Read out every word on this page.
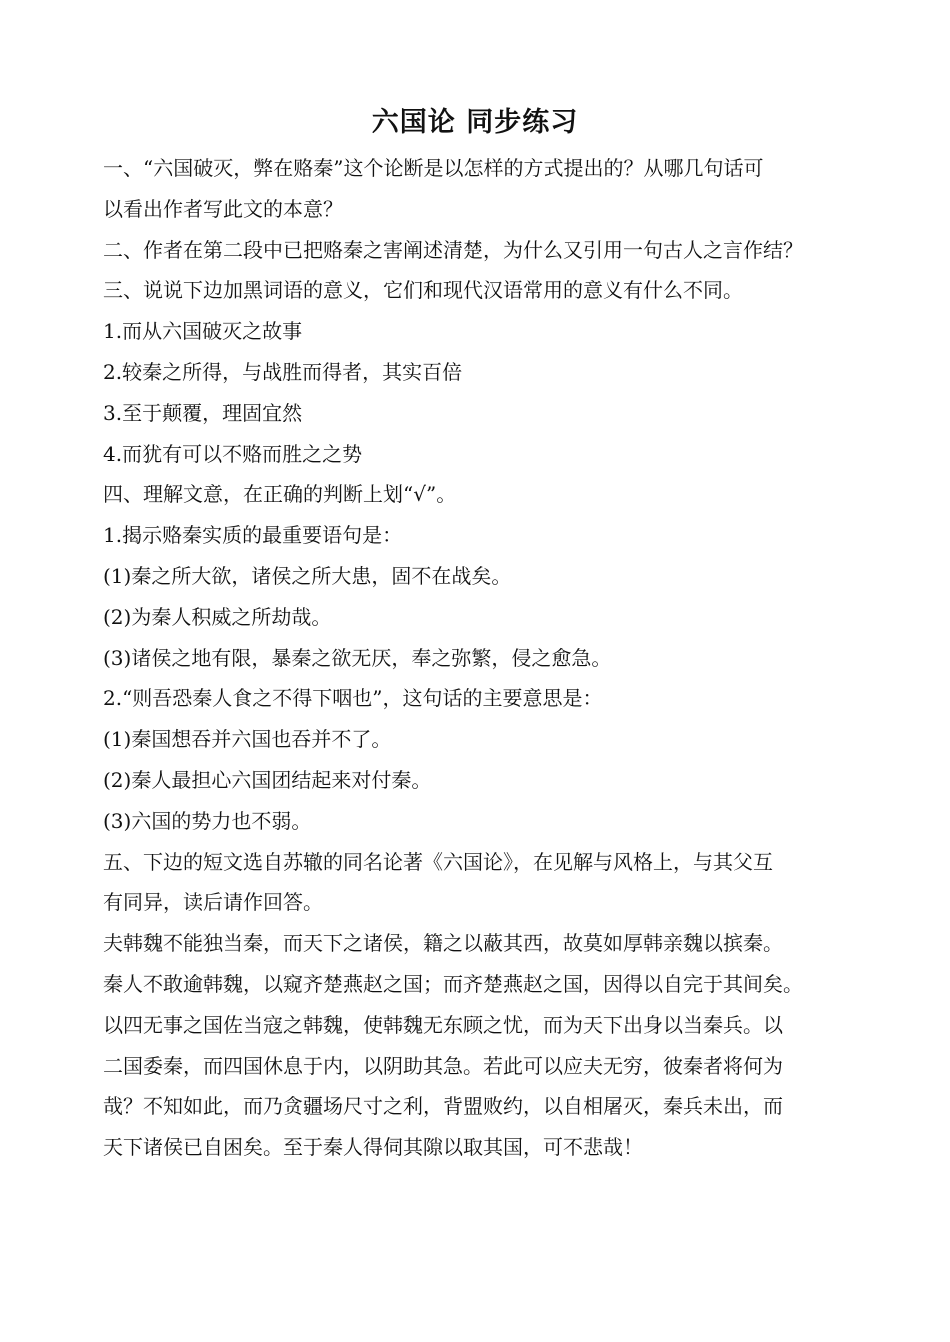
六国论 同步练习
一、“六国破灭，弊在赂秦”这个论断是以怎样的方式提出的？从哪几句话可
以看出作者写此文的本意？
二、作者在第二段中已把赂秦之害阐述清楚，为什么又引用一句古人之言作结？
三、说说下边加黑词语的意义，它们和现代汉语常用的意义有什么不同。
1.而从六国破灭之故事
2.较秦之所得，与战胜而得者，其实百倍
3.至于颠覆，理固宜然
4.而犹有可以不赂而胜之之势
四、理解文意，在正确的判断上划“√”。
1.揭示赂秦实质的最重要语句是：
(1)秦之所大欲，诸侯之所大患，固不在战矣。
(2)为秦人积威之所劫哉。
(3)诸侯之地有限，暴秦之欲无厌，奉之弥繁，侵之愈急。
2.“则吾恐秦人食之不得下咽也”，这句话的主要意思是：
(1)秦国想吞并六国也吞并不了。
(2)秦人最担心六国团结起来对付秦。
(3)六国的势力也不弱。
五、下边的短文选自苏辙的同名论著《六国论》，在见解与风格上，与其父互
有同异，读后请作回答。
夫韩魏不能独当秦，而天下之诸侯，籍之以蔽其西，故莫如厚韩亲魏以摈秦。
秦人不敢逾韩魏，以窥齐楚燕赵之国；而齐楚燕赵之国，因得以自完于其间矣。
以四无事之国佐当寇之韩魏，使韩魏无东顾之忧，而为天下出身以当秦兵。以
二国委秦，而四国休息于内，以阴助其急。若此可以应夫无穷，彼秦者将何为
哉？不知如此，而乃贪疆场尺寸之利，背盟败约，以自相屠灭，秦兵未出，而
天下诸侯已自困矣。至于秦人得伺其隙以取其国，可不悲哉！
